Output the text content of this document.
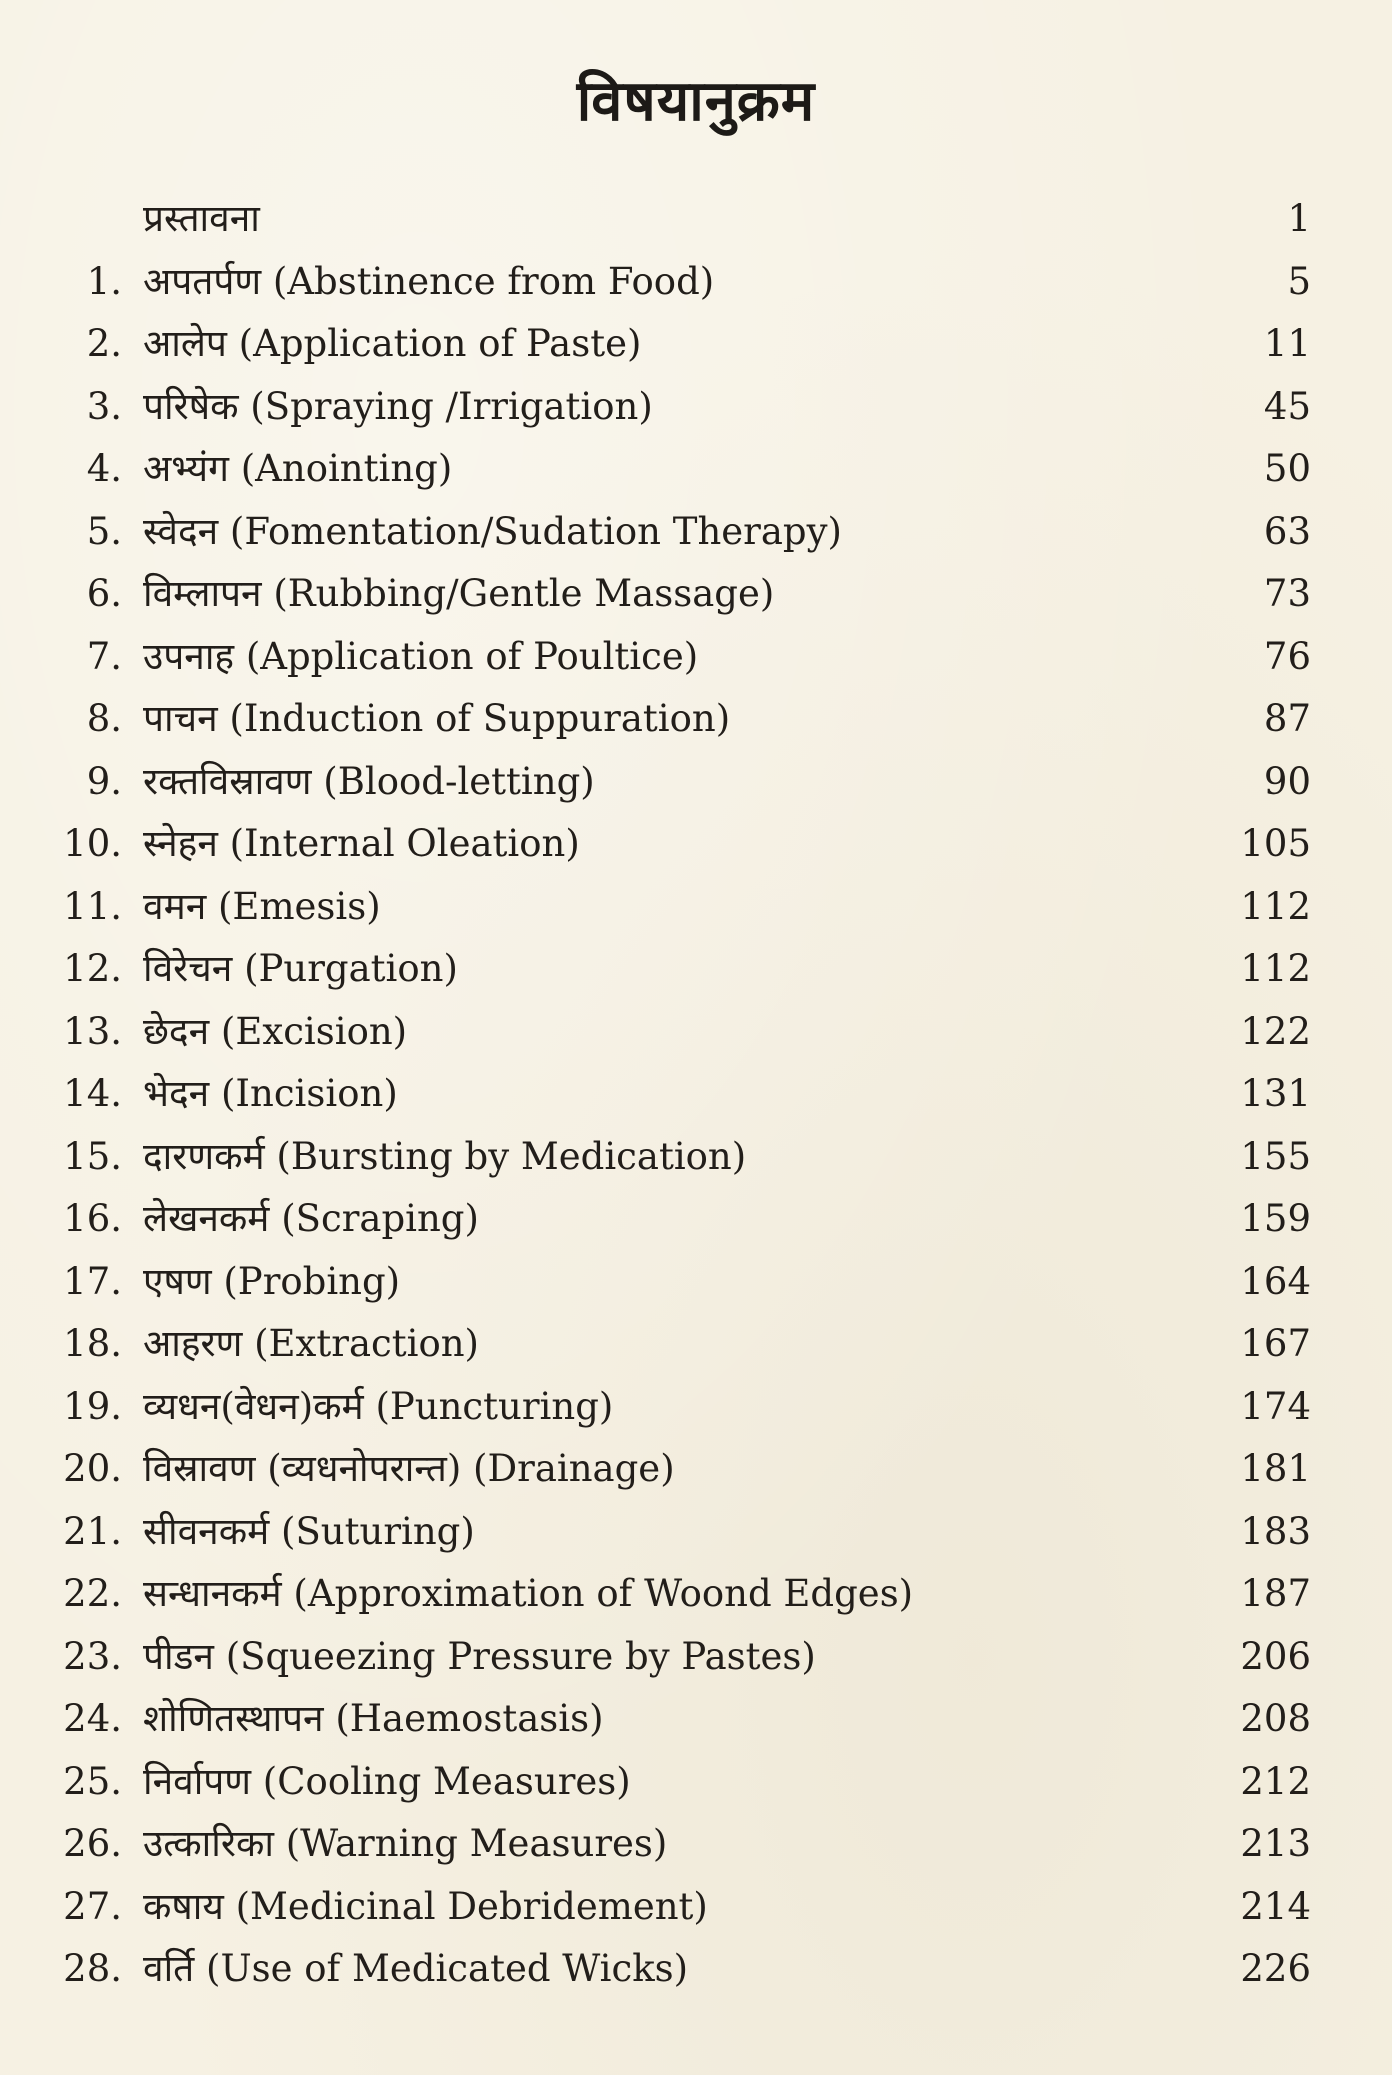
विषयानुक्रम
प्रस्तावना	1
1. अपतर्पण (Abstinence from Food)	5
2. आलेप (Application of Paste)	11
3. परिषेक (Spraying /Irrigation)	45
4. अभ्यंग (Anointing)	50
5. स्वेदन (Fomentation/Sudation Therapy)	63
6. विम्लापन (Rubbing/Gentle Massage)	73
7. उपनाह (Application of Poultice)	76
8. पाचन (Induction of Suppuration)	87
9. रक्तविस्रावण (Blood-letting)	90
10. स्नेहन (Internal Oleation)	105
11. वमन (Emesis)	112
12. विरेचन (Purgation)	112
13. छेदन (Excision)	122
14. भेदन (Incision)	131
15. दारणकर्म (Bursting by Medication)	155
16. लेखनकर्म (Scraping)	159
17. एषण (Probing)	164
18. आहरण (Extraction)	167
19. व्यधन(वेधन)कर्म (Puncturing)	174
20. विस्रावण (व्यधनोपरान्त) (Drainage)	181
21. सीवनकर्म (Suturing)	183
22. सन्धानकर्म (Approximation of Woond Edges)	187
23. पीडन (Squeezing Pressure by Pastes)	206
24. शोणितस्थापन (Haemostasis)	208
25. निर्वापण (Cooling Measures)	212
26. उत्कारिका (Warning Measures)	213
27. कषाय (Medicinal Debridement)	214
28. वर्ति (Use of Medicated Wicks)	226
